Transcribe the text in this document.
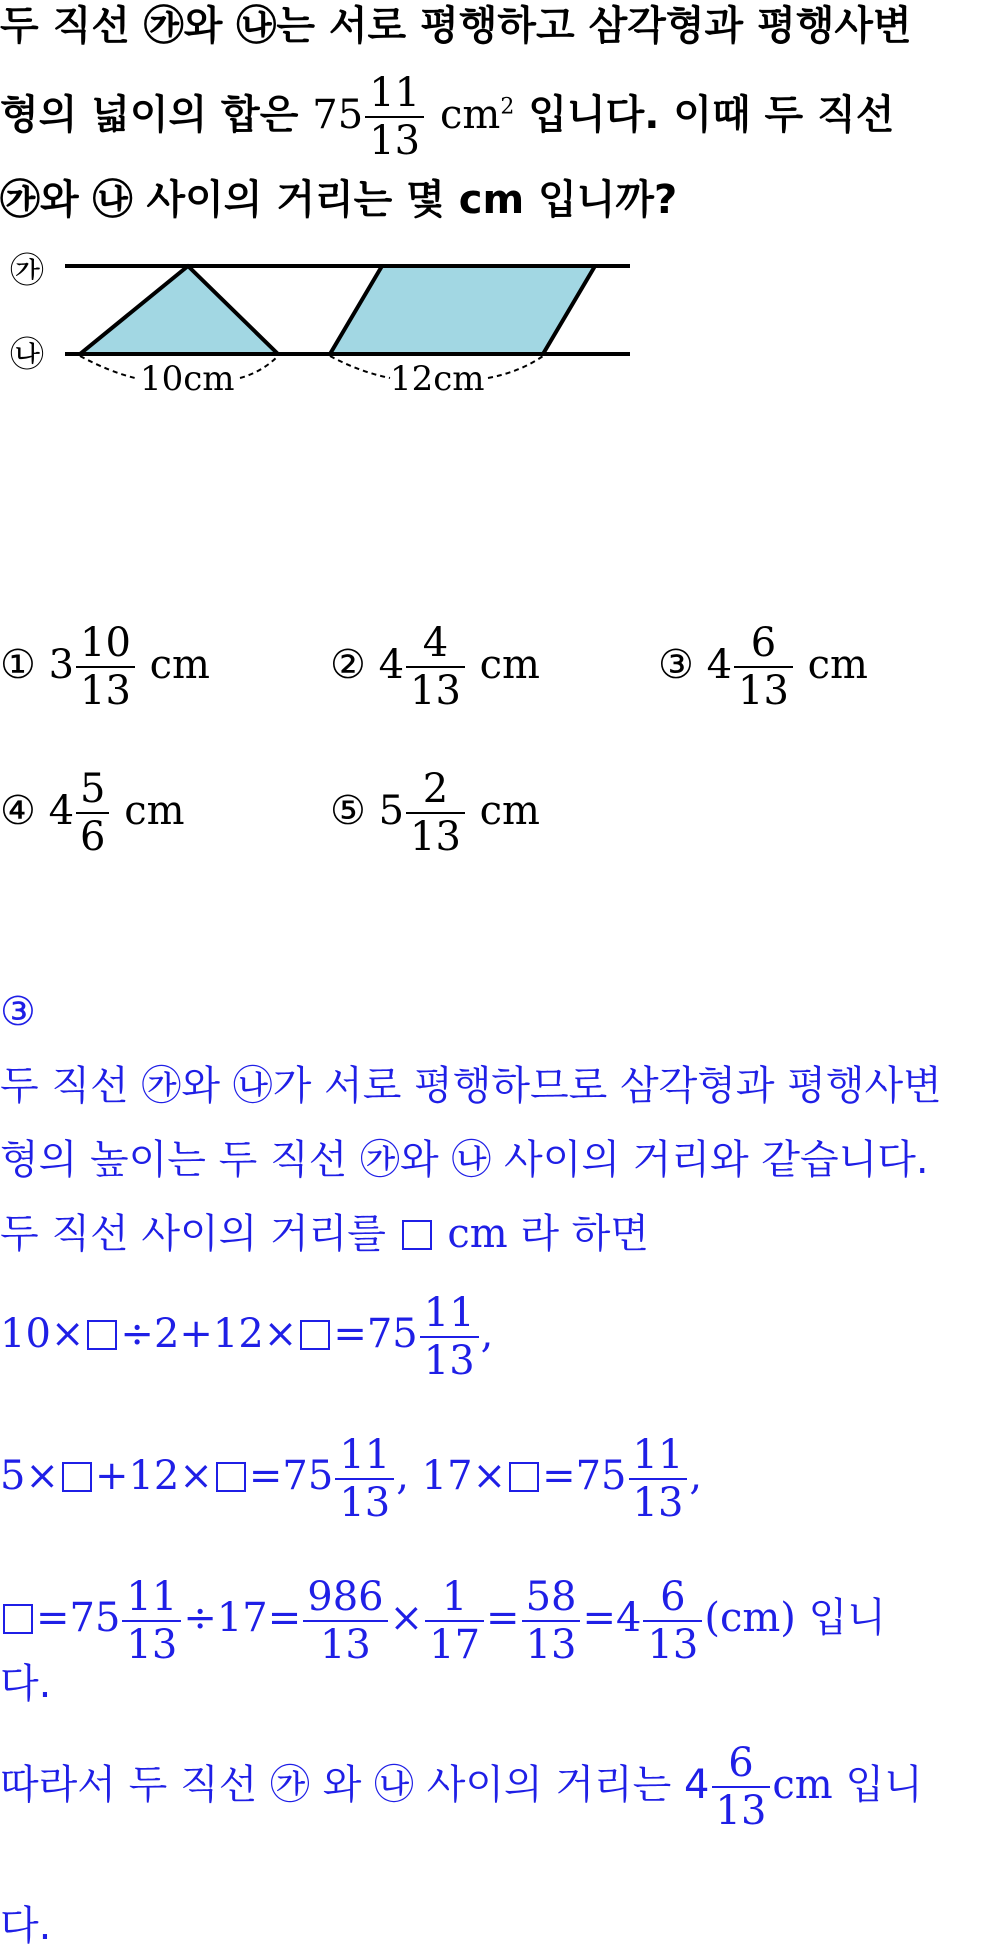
두 직선 ㉮와 ㉯는 서로 평행하고 삼각형과 평행사변
형의 넓이의 합은 $75 \frac{11}{13} cm^2$ 입니다. 이때 두 직선
㉮와 ㉯ 사이의 거리는 몇 cm 입니까?
㉮
㉯
10cm	12cm
① $3 \frac{10}{13}$ cm	② $4 \frac{4}{13}$ cm	③ $4 \frac{6}{13}$ cm
④ $4 \frac{5}{6}$ cm	⑤ $5 \frac{2}{13}$ cm
③
두 직선 ㉮와 ㉯가 서로 평행하므로 삼각형과 평행사변
형의 높이는 두 직선 ㉮와 ㉯ 사이의 거리와 같습니다.
두 직선 사이의 거리를 cm 라 하면
$10\times \div 2+12\times =75 \frac{11}{13}$ ,
$5\times +12\times =75 \frac{11}{13}$ , $17\times =75 \frac{11}{13}$ ,
$=75 \frac{11}{13} \div 17= \frac{986}{13} \times \frac{1}{17} = \frac{58}{13} =4 \frac{6}{13} (cm)$ 입니
다.
따라서 두 직선 ㉮ 와 ㉯ 사이의 거리는 $4 \frac{6}{13}$ cm 입니
다.
